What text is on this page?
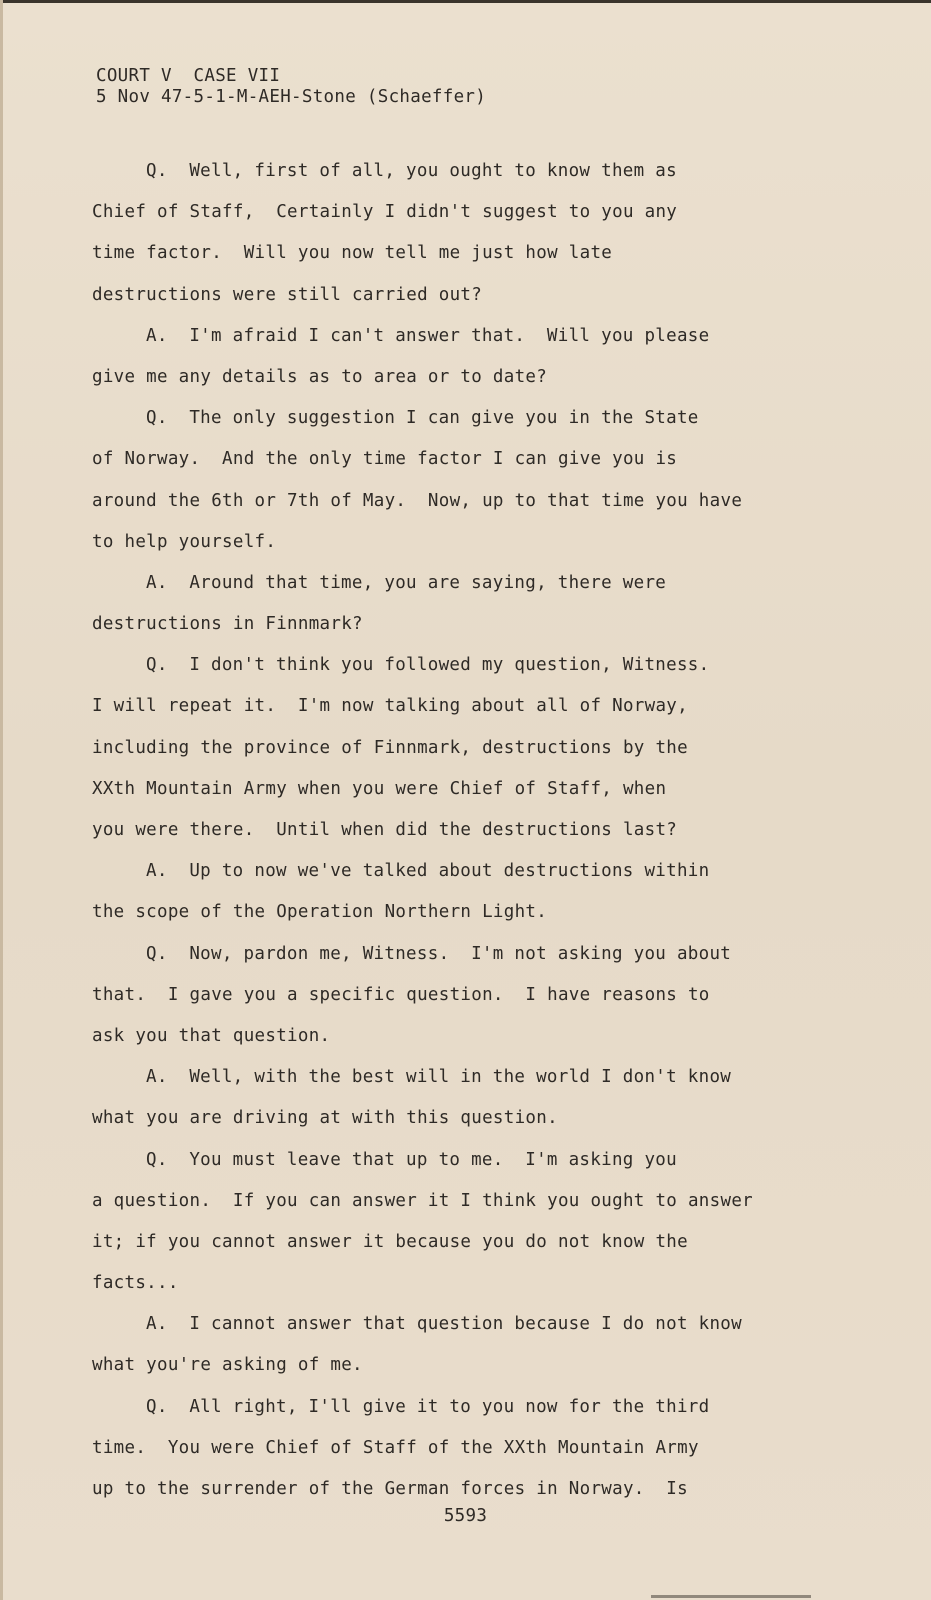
COURT V  CASE VII
5 Nov 47-5-1-M-AEH-Stone (Schaeffer)
Q.  Well, first of all, you ought to know them as
Chief of Staff,  Certainly I didn't suggest to you any
time factor.  Will you now tell me just how late
destructions were still carried out?
A.  I'm afraid I can't answer that.  Will you please
give me any details as to area or to date?
Q.  The only suggestion I can give you in the State
of Norway.  And the only time factor I can give you is
around the 6th or 7th of May.  Now, up to that time you have
to help yourself.
A.  Around that time, you are saying, there were
destructions in Finnmark?
Q.  I don't think you followed my question, Witness.
I will repeat it.  I'm now talking about all of Norway,
including the province of Finnmark, destructions by the
XXth Mountain Army when you were Chief of Staff, when
you were there.  Until when did the destructions last?
A.  Up to now we've talked about destructions within
the scope of the Operation Northern Light.
Q.  Now, pardon me, Witness.  I'm not asking you about
that.  I gave you a specific question.  I have reasons to
ask you that question.
A.  Well, with the best will in the world I don't know
what you are driving at with this question.
Q.  You must leave that up to me.  I'm asking you
a question.  If you can answer it I think you ought to answer
it; if you cannot answer it because you do not know the
facts...
A.  I cannot answer that question because I do not know
what you're asking of me.
Q.  All right, I'll give it to you now for the third
time.  You were Chief of Staff of the XXth Mountain Army
up to the surrender of the German forces in Norway.  Is
5593
